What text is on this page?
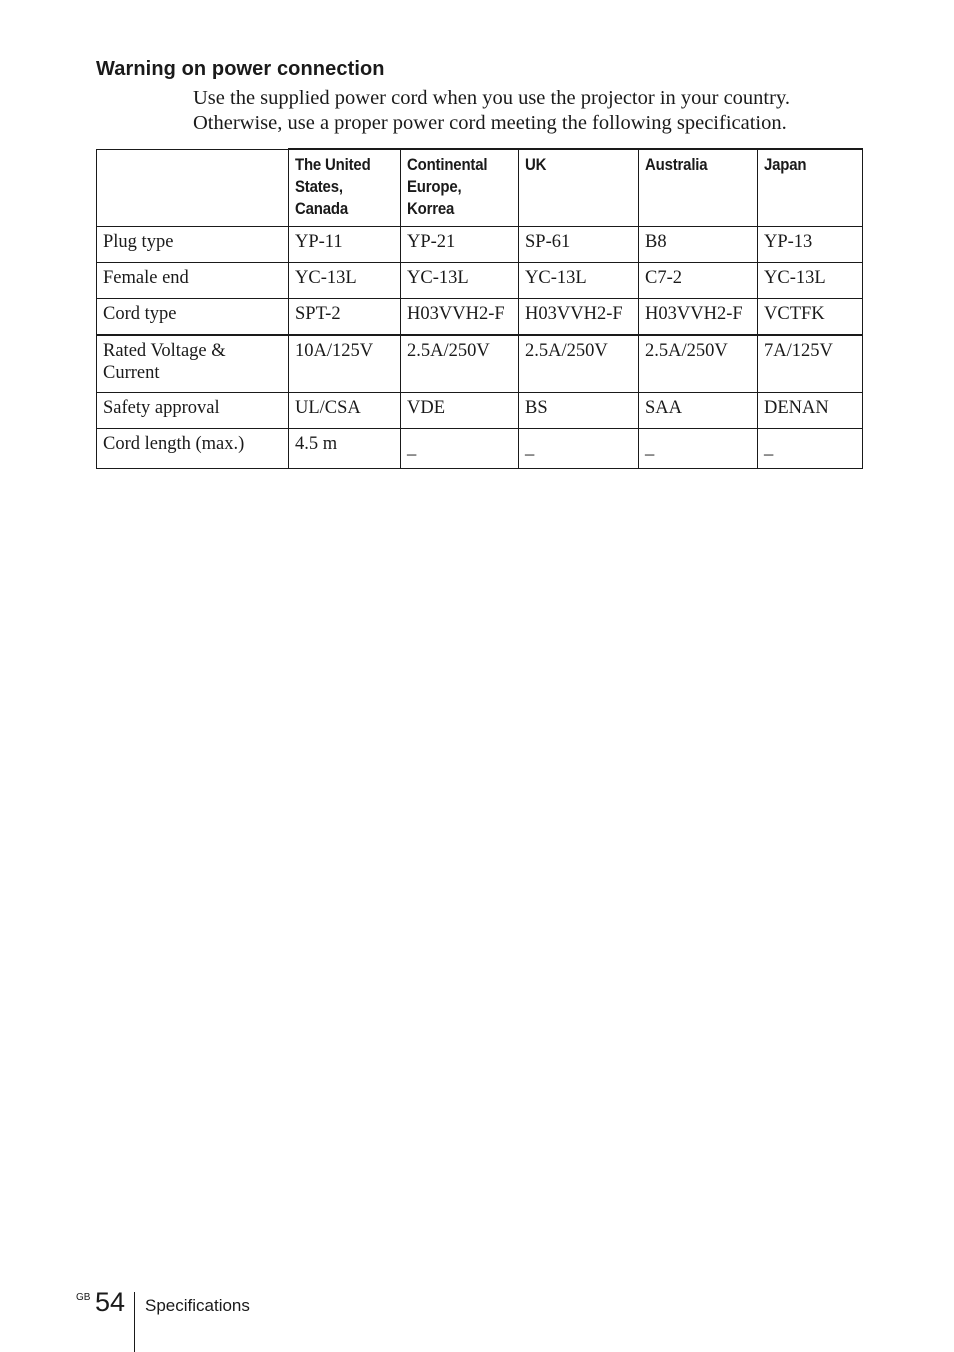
Warning on power connection

Use the supplied power cord when you use the projector in your country.

Otherwise, use a proper power cord meeting the following specification.

	The United
States,
Canada	Continental
Europe,
Korrea	UK	Australia	Japan
Plug type	YP-11	YP-21	SP-61	B8	YP-13
Female end	YC-13L	YC-13L	YC-13L	C7-2	YC-13L
Cord type	SPT-2	H03VVH2-F	H03VVH2-F	H03VVH2-F	VCTFK
Rated Voltage & Current	10A/125V	2.5A/250V	2.5A/250V	2.5A/250V	7A/125V
Safety approval	UL/CSA	VDE	BS	SAA	DENAN
Cord length (max.)	4.5 m	_	_	_	_
GB 54 Specifications
